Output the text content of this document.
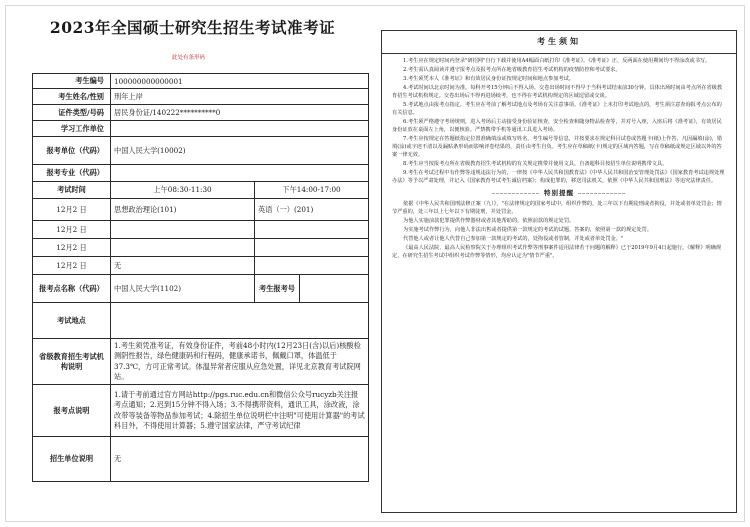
2023年全国硕士研究生招生考试准考证
此处有条形码
考生编号	100000000000001		
考生姓名/性别	刑年上岸		
证件类型/号码	居民身份证/140222**********0		
学习工作单位			
报考单位（代码）	中国人民大学(10002)		
报考专业（代码）			
考试时间	上午08:30-11:30	下午14:00-17:00	
12月2 日	思想政治理论(101)	英语（一）(201)	
12月2 日			
12月2 日			
12月2 日	无		
报考点名称（代码）	中国人民大学(1102)	考生报考号	
考试地点			
省级教育招生考试机构说明	1.考生须凭准考证，有效身份证件，考前48小时内(12月23日(含)以后)核酸检测阴性报告，绿色健康码和行程码，健康承诺书，佩戴口罩，体温低于37.3℃，方可正常考试。体温异常者应服从应急处置，详见北京教育考试院网站。		
报考点说明	1.请于考前通过官方网站http://pgs.ruc.edu.cn和微信公众号rucyzb关注报考点通知；2.迟到15分钟不得入场；3.不得携带资料，通讯工具，涂改液，涂改带等装备等物品参加考试；4.除招生单位说明栏中注明"可使用计算器"的考试科目外，不得使用计算器；5.遵守国家法律，严守考试纪律		
招生单位说明	无		
考生须知

1.考生应在规定时间内登录"研招网"自行下载并使用A4幅面白纸打印《准考证》。《准考证》正、反两面在使用期间均不得涂改或书写。

2.考生需认真阅读并遵守报考点及报考点所在地省级教育招生考试机构的疫情防控和考试要求。

3.考生须凭本人《准考证》和有效居民身份证按规定时间和地点参加考试。

4.考试时间以北京时间为准。每科开考15分钟后不得入场。交卷出场时间不得早于当科考试结束前30分钟。具体出场时间由考点所在省级教育招生考试机构规定。交卷出场后不得再进场续考，也不得在考试机构规定的区域逗留或交谈。

5.考试地点由报考点指定。考生应在考前了解考试地点及考场有关注意事项。《准考证》上未打印考试地点的，考生须注意查询报考点公布的有关信息。

6.考生须严格遵守考场规则，进入考场后主动接受身份验证核查，安全检查和随身物品检查等，并对号入座，入座后将《准考证》，有效居民身份证放在桌面左上角，以便核验。严禁携带手机等通讯工具进入考场。

7.考生应按规定在答题纸指定位置准确填涂或填写姓名，考生编号等信息，并按要求在规定科目试卷或答题卡(纸)上作答，凡因漏填(涂)，错填(涂)或字迹不清以及漏贴条形码而影响评卷结果的，责任由考生自负。考生应在草稿纸(卡)规定的区域内答题，写在草稿纸或规定区域以外的答案一律无效。

8.考生应当按报考点所在省级教育招生考试机构的有关规定携带并使用文具。自备超科目按招生单位说明携带文具。

9.考生在考试过程中有作弊等违规违法行为的，一律按《中华人民共和国教育法》《中华人民共和国治安管理处罚法》《国家教育考试违规处理办法》等予以严肃处理，并记入《国家教育考试考生诚信档案》；构成犯罪的，移送司法机关，依照《中华人民共和国刑法》等追究法律责任。

──────────── 特别提醒 ────────────

依据《中华人民共和国刑法修正案（九）》，"在法律规定的国家考试中，组织作弊的，处三年以下有期徒刑或者拘役，并处或者单处罚金；情节严重的，处三年以上七年以下有期徒刑，并处罚金。

为他人实施前款犯罪提供作弊器材或者其他帮助的，依照前款的规定处罚。

为实施考试作弊行为，向他人非法出售或者提供第一款规定的考试的试题、答案的，依照第一款的规定处罚。

代替他人或者让他人代替自己参加第一款规定的考试的，处拘役或者管制，并处或者单处罚金。"

《最高人民法院、最高人民检察院关于办理组织考试作弊等刑事案件适用法律若干问题的解释》已于2019年9月4日起施行。《解释》明确规定，在研究生招生考试中组织考试作弊等情形，均应认定为"情节严重"。
